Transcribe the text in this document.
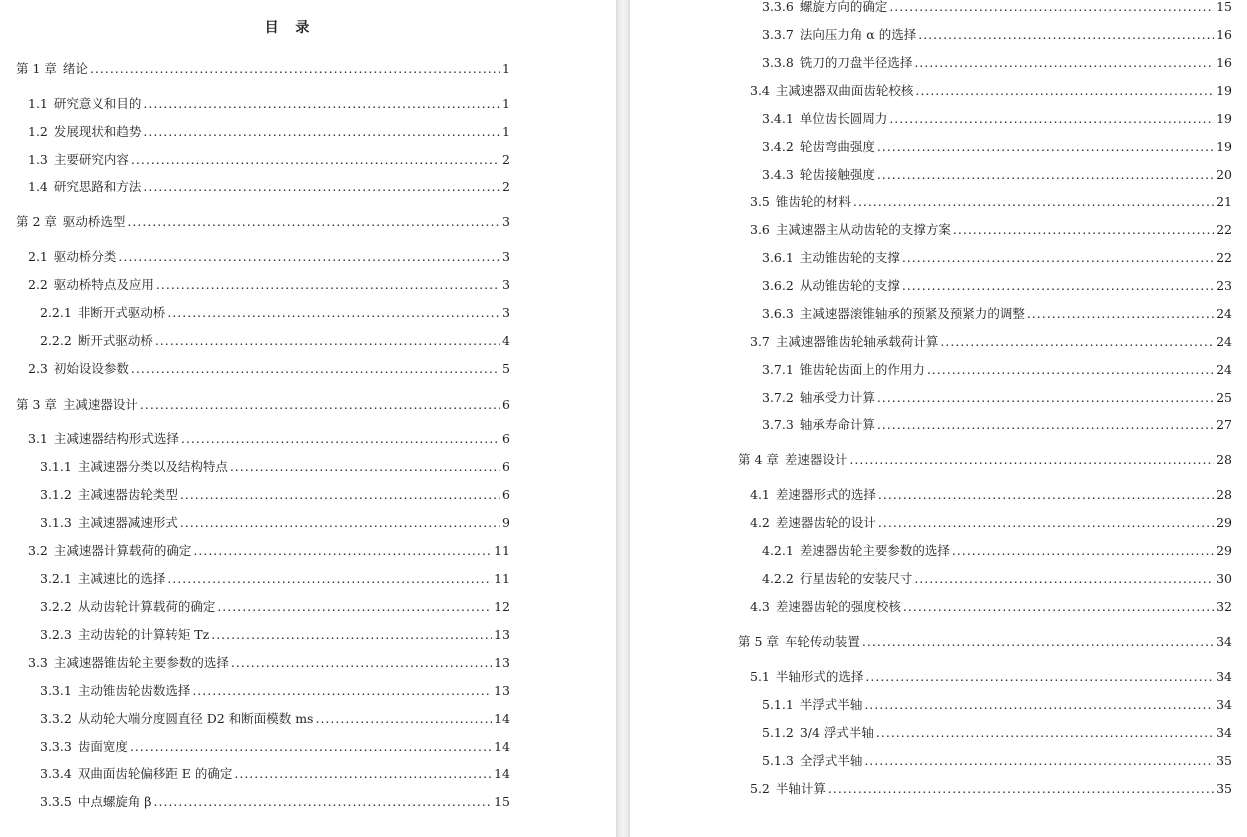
目 录
第 1 章 绪论 .....	1
1.1 研究意义和目的 .....	1
1.2 发展现状和趋势 .....	1
1.3 主要研究内容 .....	2
1.4 研究思路和方法 .....	2
第 2 章 驱动桥选型 .....	3
2.1 驱动桥分类 .....	3
2.2 驱动桥特点及应用 .....	3
2.2.1 非断开式驱动桥 .....	3
2.2.2 断开式驱动桥 .....	4
2.3 初始设设参数 .....	5
第 3 章 主减速器设计 .....	6
3.1 主减速器结构形式选择 .....	6
3.1.1 主减速器分类以及结构特点 .....	6
3.1.2 主减速器齿轮类型 .....	6
3.1.3 主减速器减速形式 .....	9
3.2 主减速器计算载荷的确定 .....	11
3.2.1 主减速比的选择 .....	11
3.2.2 从动齿轮计算载荷的确定 .....	12
3.2.3 主动齿轮的计算转矩 Tz .....	13
3.3 主减速器锥齿轮主要参数的选择 .....	13
3.3.1 主动锥齿轮齿数选择 .....	13
3.3.2 从动轮大端分度圆直径 D2 和断面模数 ms .....	14
3.3.3 齿面宽度 .....	14
3.3.4 双曲面齿轮偏移距 E 的确定 .....	14
3.3.5 中点螺旋角 β .....	15
3.3.6 螺旋方向的确定 .....	15
3.3.7 法向压力角 α 的选择 .....	16
3.3.8 铣刀的刀盘半径选择 .....	16
3.4 主减速器双曲面齿轮校核 .....	19
3.4.1 单位齿长圆周力 .....	19
3.4.2 轮齿弯曲强度 .....	19
3.4.3 轮齿接触强度 .....	20
3.5 锥齿轮的材料 .....	21
3.6 主减速器主从动齿轮的支撑方案 .....	22
3.6.1 主动锥齿轮的支撑 .....	22
3.6.2 从动锥齿轮的支撑 .....	23
3.6.3 主减速器滚锥轴承的预紧及预紧力的调整 .....	24
3.7 主减速器锥齿轮轴承载荷计算 .....	24
3.7.1 锥齿轮齿面上的作用力 .....	24
3.7.2 轴承受力计算 .....	25
3.7.3 轴承寿命计算 .....	27
第 4 章 差速器设计 .....	28
4.1 差速器形式的选择 .....	28
4.2 差速器齿轮的设计 .....	29
4.2.1 差速器齿轮主要参数的选择 .....	29
4.2.2 行星齿轮的安装尺寸 .....	30
4.3 差速器齿轮的强度校核 .....	32
第 5 章 车轮传动装置 .....	34
5.1 半轴形式的选择 .....	34
5.1.1 半浮式半轴 .....	34
5.1.2 3/4 浮式半轴 .....	34
5.1.3 全浮式半轴 .....	35
5.2 半轴计算 .....	35
